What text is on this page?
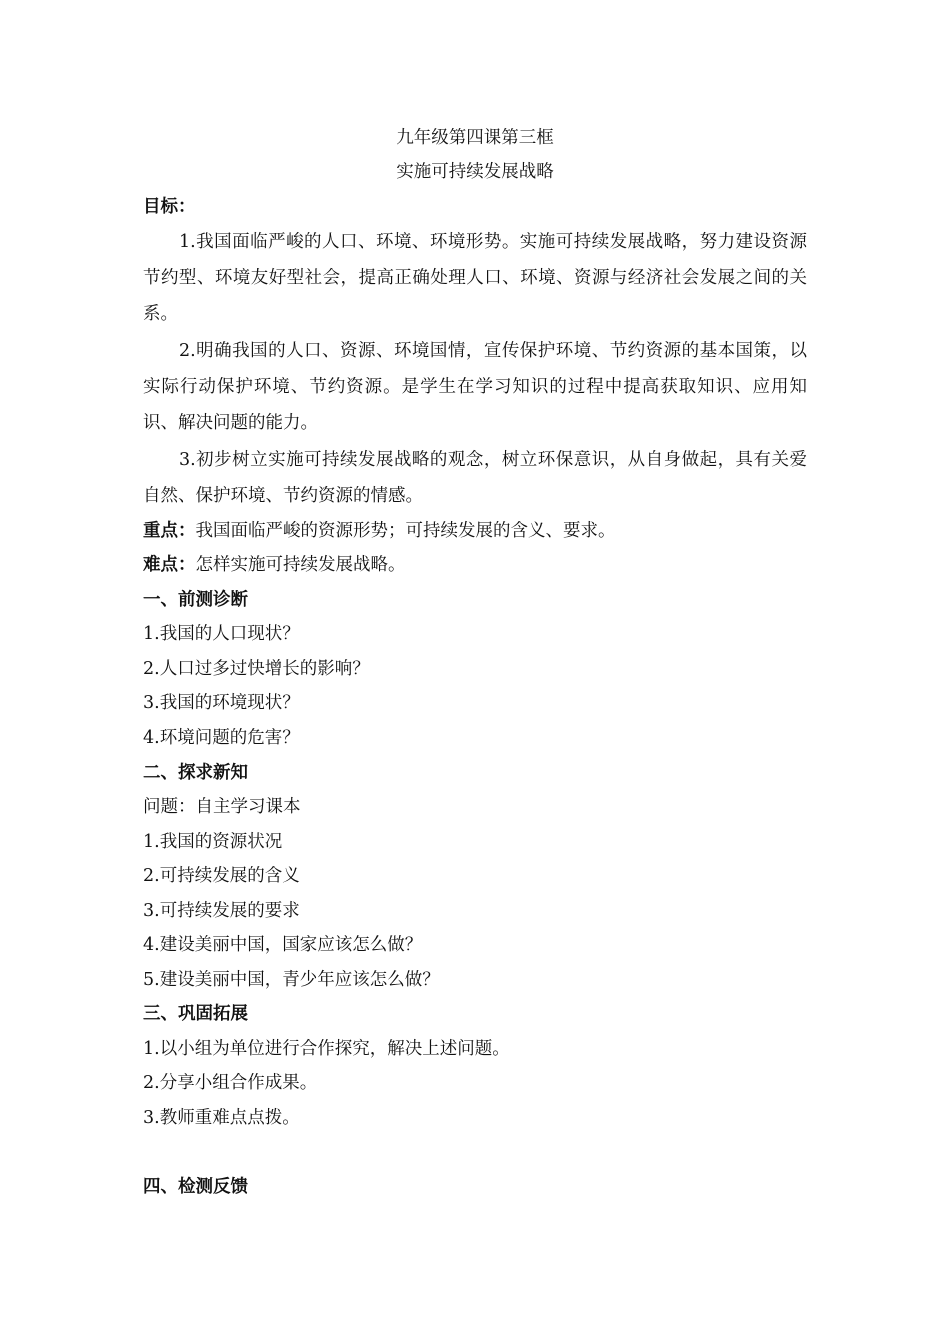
九年级第四课第三框
实施可持续发展战略
目标：
1.我国面临严峻的人口、环境、环境形势。实施可持续发展战略，努力建设资源节约型、环境友好型社会，提高正确处理人口、环境、资源与经济社会发展之间的关系。
2.明确我国的人口、资源、环境国情，宣传保护环境、节约资源的基本国策，以实际行动保护环境、节约资源。是学生在学习知识的过程中提高获取知识、应用知识、解决问题的能力。
3.初步树立实施可持续发展战略的观念，树立环保意识，从自身做起，具有关爱自然、保护环境、节约资源的情感。
重点：我国面临严峻的资源形势；可持续发展的含义、要求。
难点：怎样实施可持续发展战略。
一、前测诊断
1.我国的人口现状？
2.人口过多过快增长的影响？
3.我国的环境现状？
4.环境问题的危害？
二、探求新知
问题：自主学习课本
1.我国的资源状况
2.可持续发展的含义
3.可持续发展的要求
4.建设美丽中国，国家应该怎么做？
5.建设美丽中国，青少年应该怎么做？
三、巩固拓展
1.以小组为单位进行合作探究，解决上述问题。
2.分享小组合作成果。
3.教师重难点点拨。
四、检测反馈
